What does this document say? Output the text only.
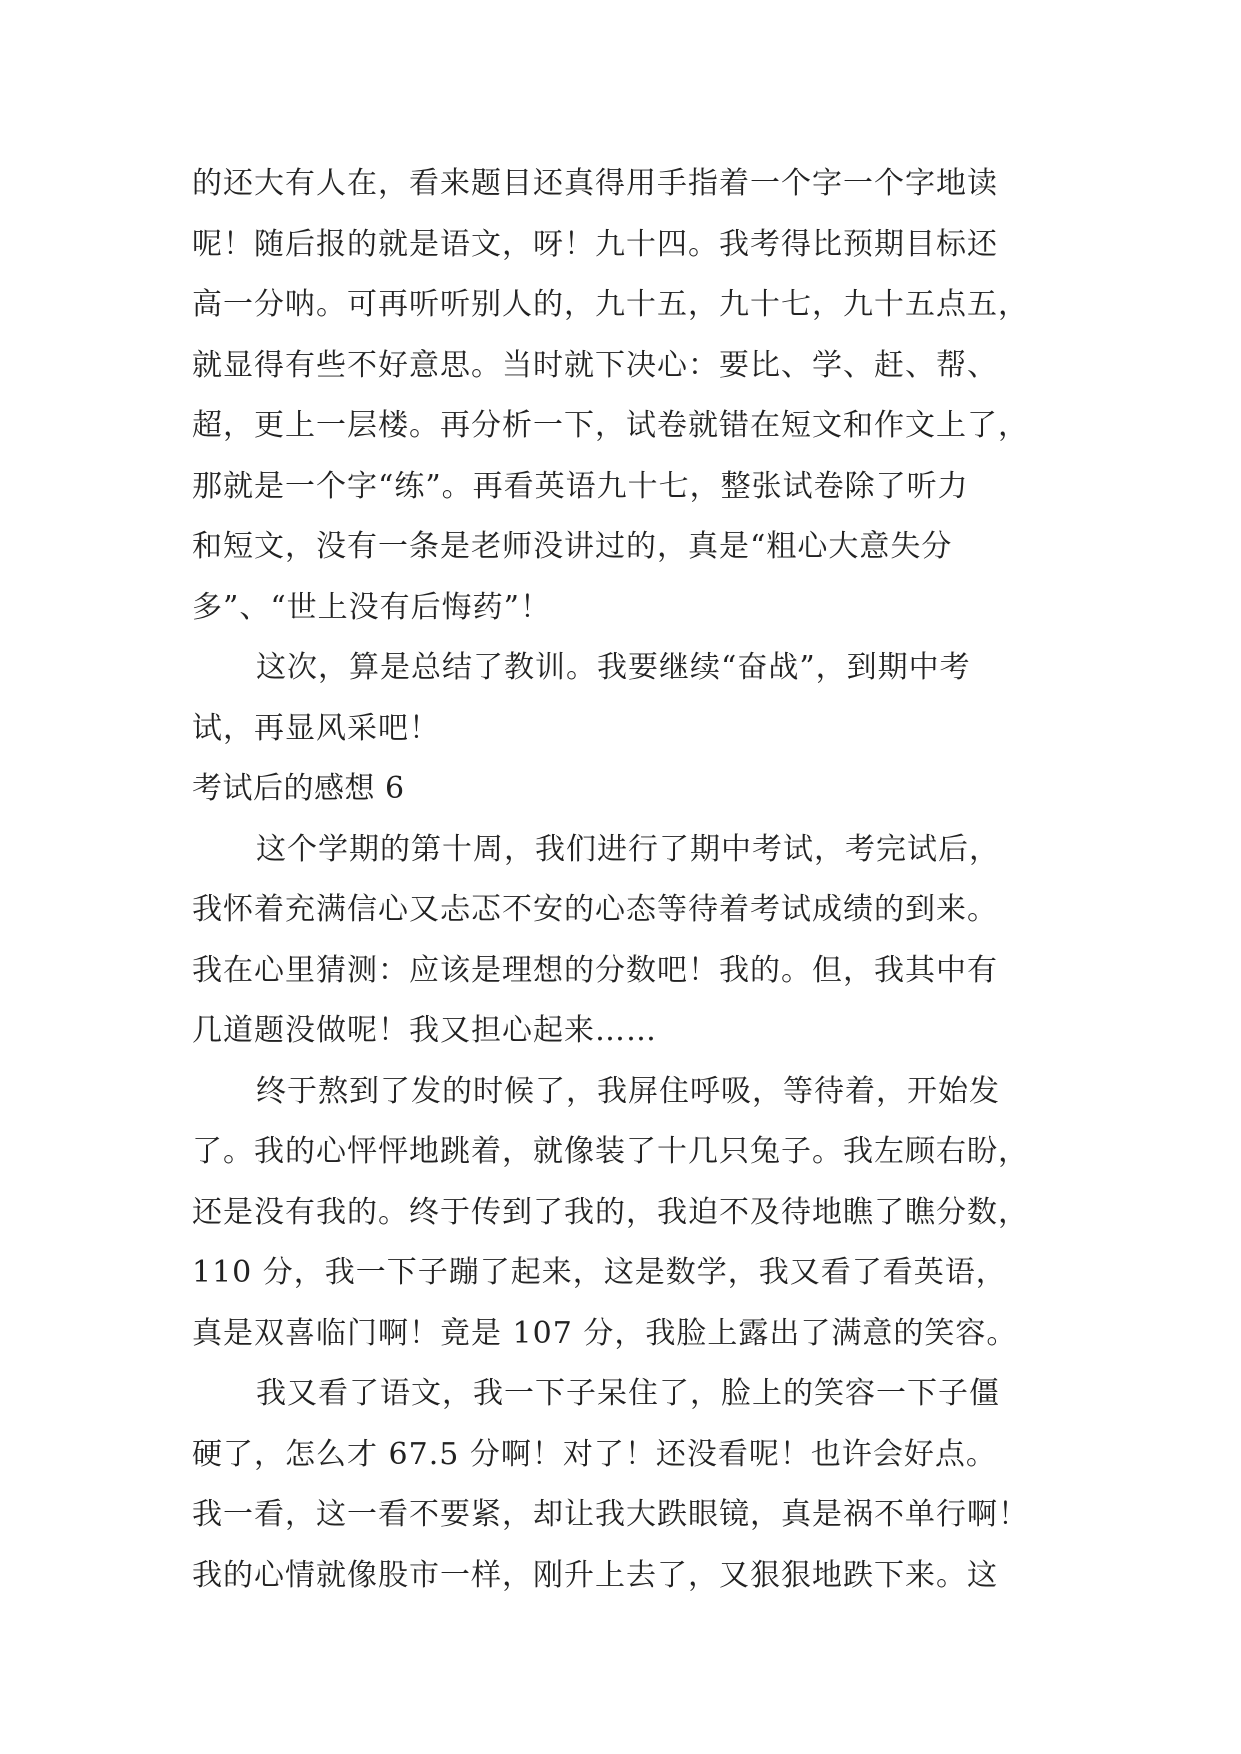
的还大有人在，看来题目还真得用手指着一个字一个字地读
呢！随后报的就是语文，呀！九十四。我考得比预期目标还
高一分呐。可再听听别人的，九十五，九十七，九十五点五，
就显得有些不好意思。当时就下决心：要比、学、赶、帮、
超，更上一层楼。再分析一下，试卷就错在短文和作文上了，
那就是一个字“练”。再看英语九十七，整张试卷除了听力
和短文，没有一条是老师没讲过的，真是“粗心大意失分
多”、“世上没有后悔药”！
这次，算是总结了教训。我要继续“奋战”，到期中考
试，再显风采吧！
考试后的感想 6
这个学期的第十周，我们进行了期中考试，考完试后，
我怀着充满信心又忐忑不安的心态等待着考试成绩的到来。
我在心里猜测：应该是理想的分数吧！我的。但，我其中有
几道题没做呢！我又担心起来……
终于熬到了发的时候了，我屏住呼吸，等待着，开始发
了。我的心怦怦地跳着，就像装了十几只兔子。我左顾右盼，
还是没有我的。终于传到了我的，我迫不及待地瞧了瞧分数，
110 分，我一下子蹦了起来，这是数学，我又看了看英语，
真是双喜临门啊！竟是 107 分，我脸上露出了满意的笑容。
我又看了语文，我一下子呆住了，脸上的笑容一下子僵
硬了，怎么才 67.5 分啊！对了！还没看呢！也许会好点。
我一看，这一看不要紧，却让我大跌眼镜，真是祸不单行啊！
我的心情就像股市一样，刚升上去了，又狠狠地跌下来。这
